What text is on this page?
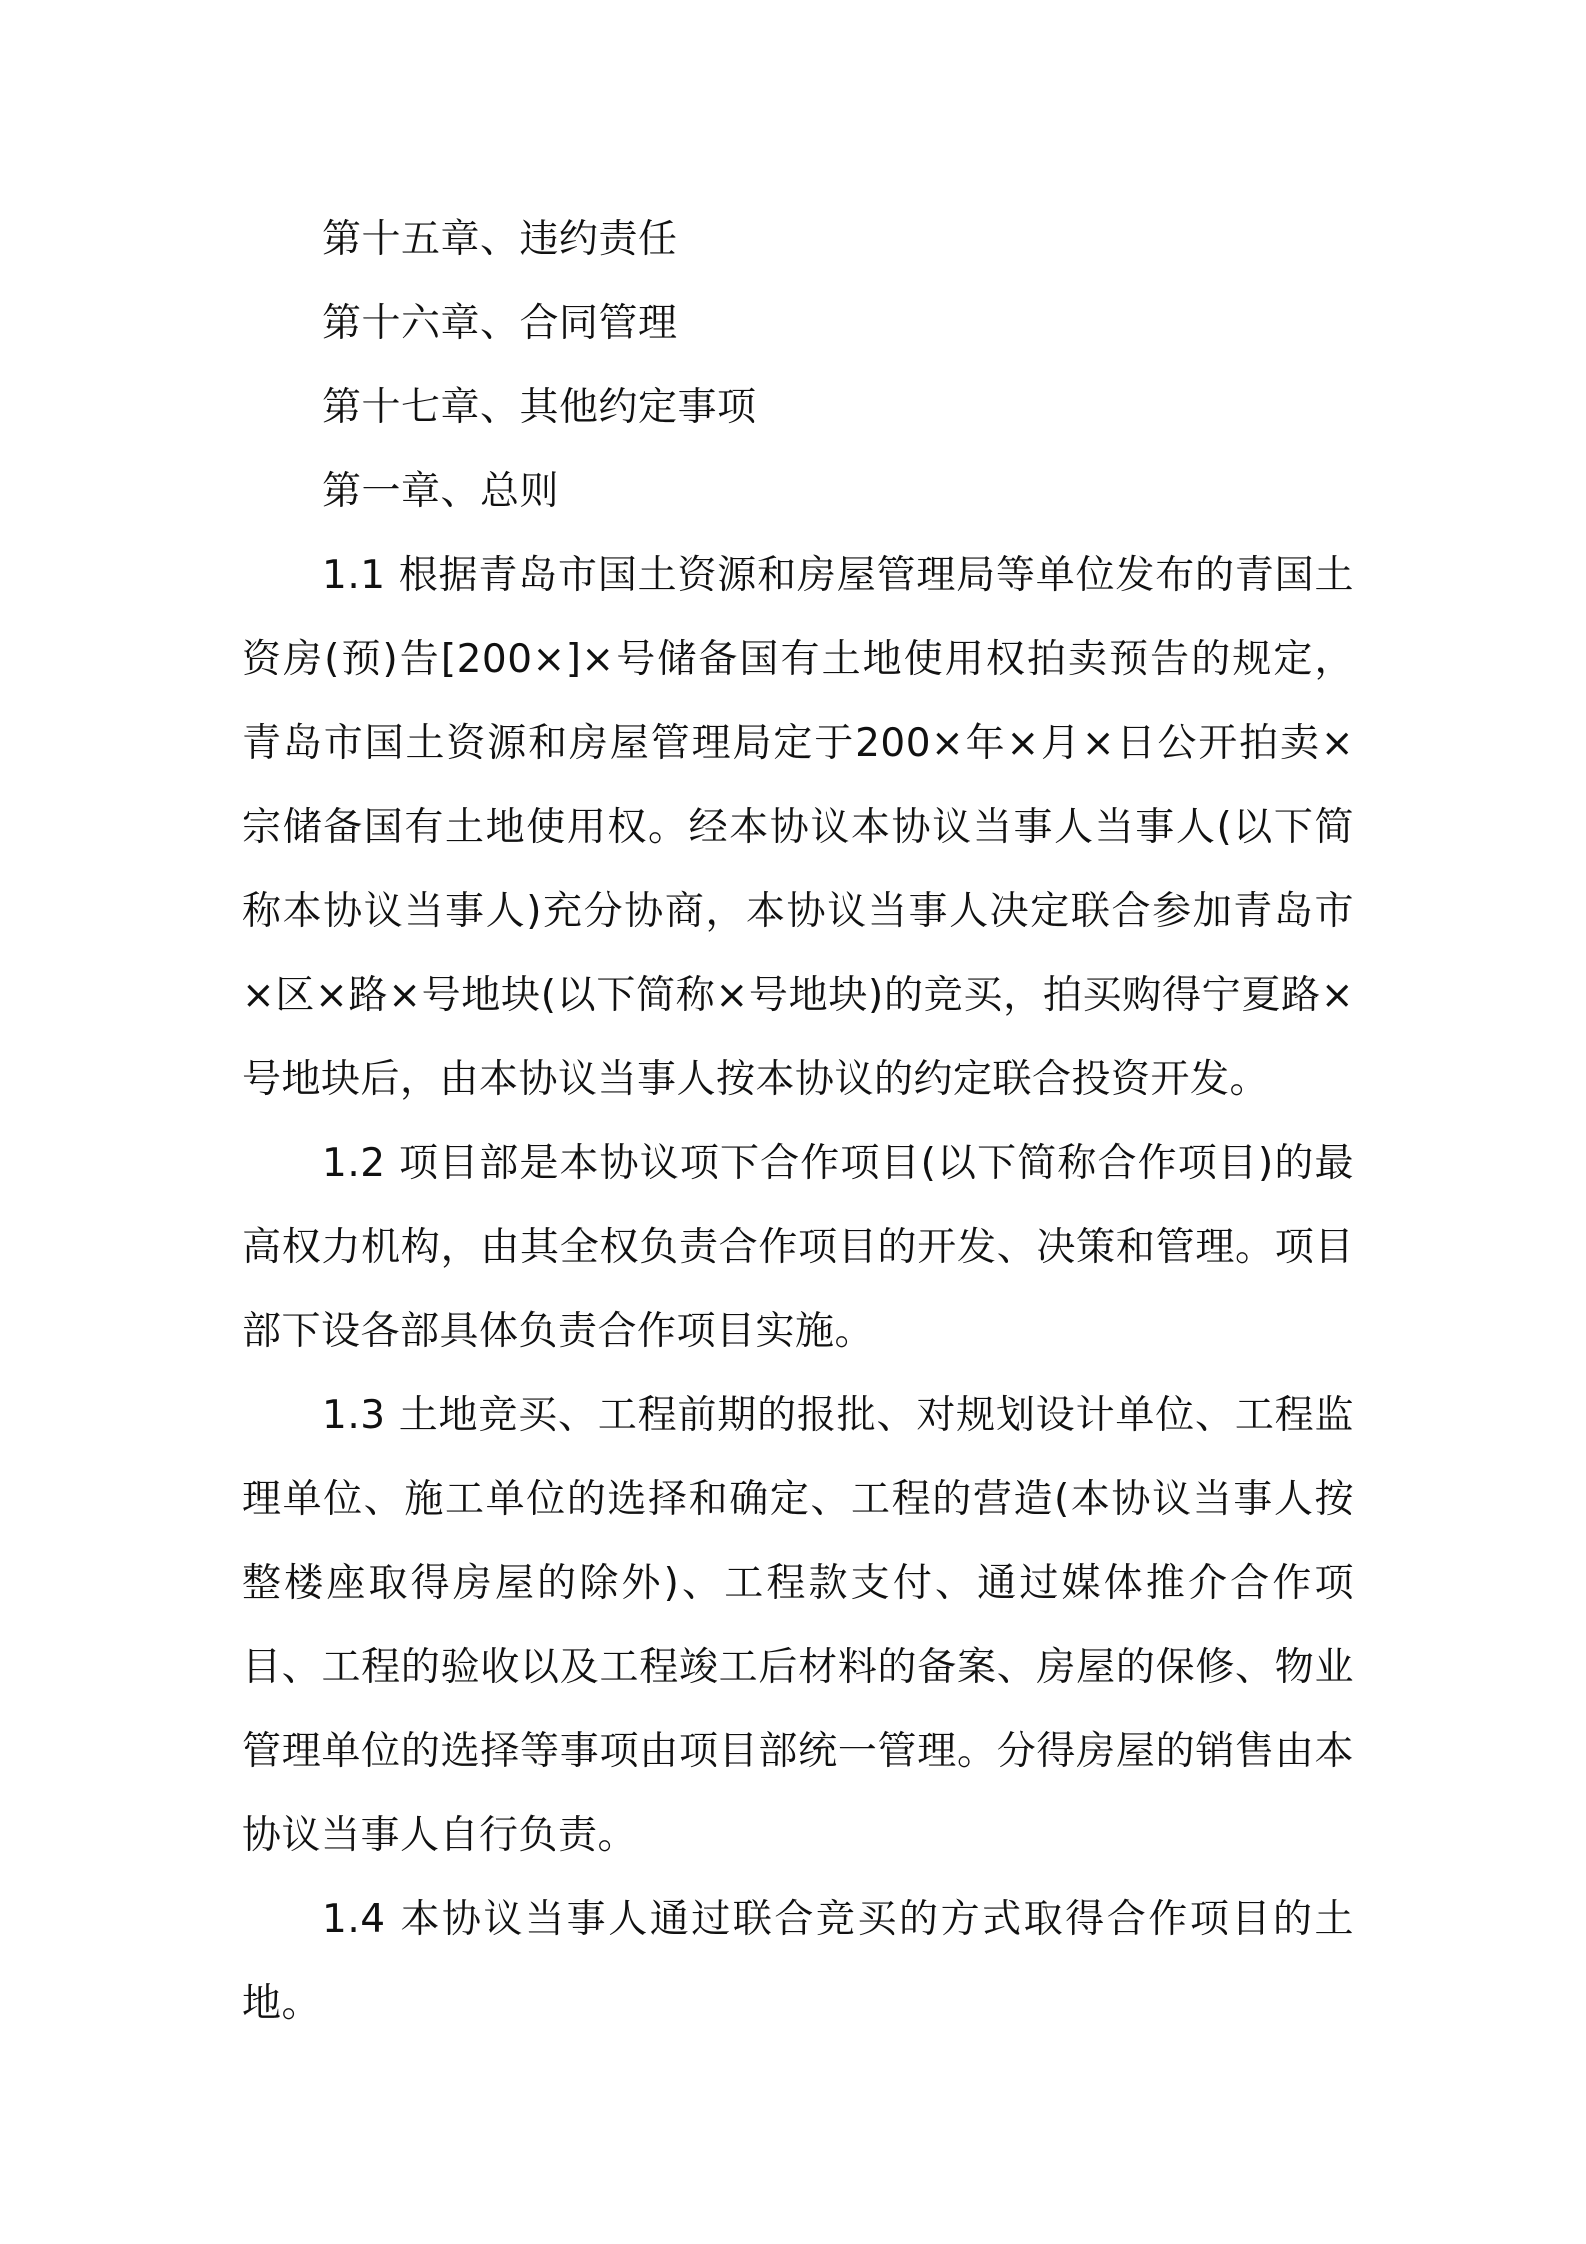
第十五章、违约责任

第十六章、合同管理

第十七章、其他约定事项

第一章、总则

1.1 根据青岛市国土资源和房屋管理局等单位发布的青国土资房(预)告[200×]×号储备国有土地使用权拍卖预告的规定，青岛市国土资源和房屋管理局定于200×年×月×日公开拍卖×宗储备国有土地使用权。经本协议本协议当事人当事人(以下简称本协议当事人)充分协商，本协议当事人决定联合参加青岛市×区×路×号地块(以下简称×号地块)的竞买，拍买购得宁夏路×号地块后，由本协议当事人按本协议的约定联合投资开发。

1.2 项目部是本协议项下合作项目(以下简称合作项目)的最高权力机构，由其全权负责合作项目的开发、决策和管理。项目部下设各部具体负责合作项目实施。

1.3 土地竞买、工程前期的报批、对规划设计单位、工程监理单位、施工单位的选择和确定、工程的营造(本协议当事人按整楼座取得房屋的除外)、工程款支付、通过媒体推介合作项目、工程的验收以及工程竣工后材料的备案、房屋的保修、物业管理单位的选择等事项由项目部统一管理。分得房屋的销售由本协议当事人自行负责。

1.4 本协议当事人通过联合竞买的方式取得合作项目的土地。
